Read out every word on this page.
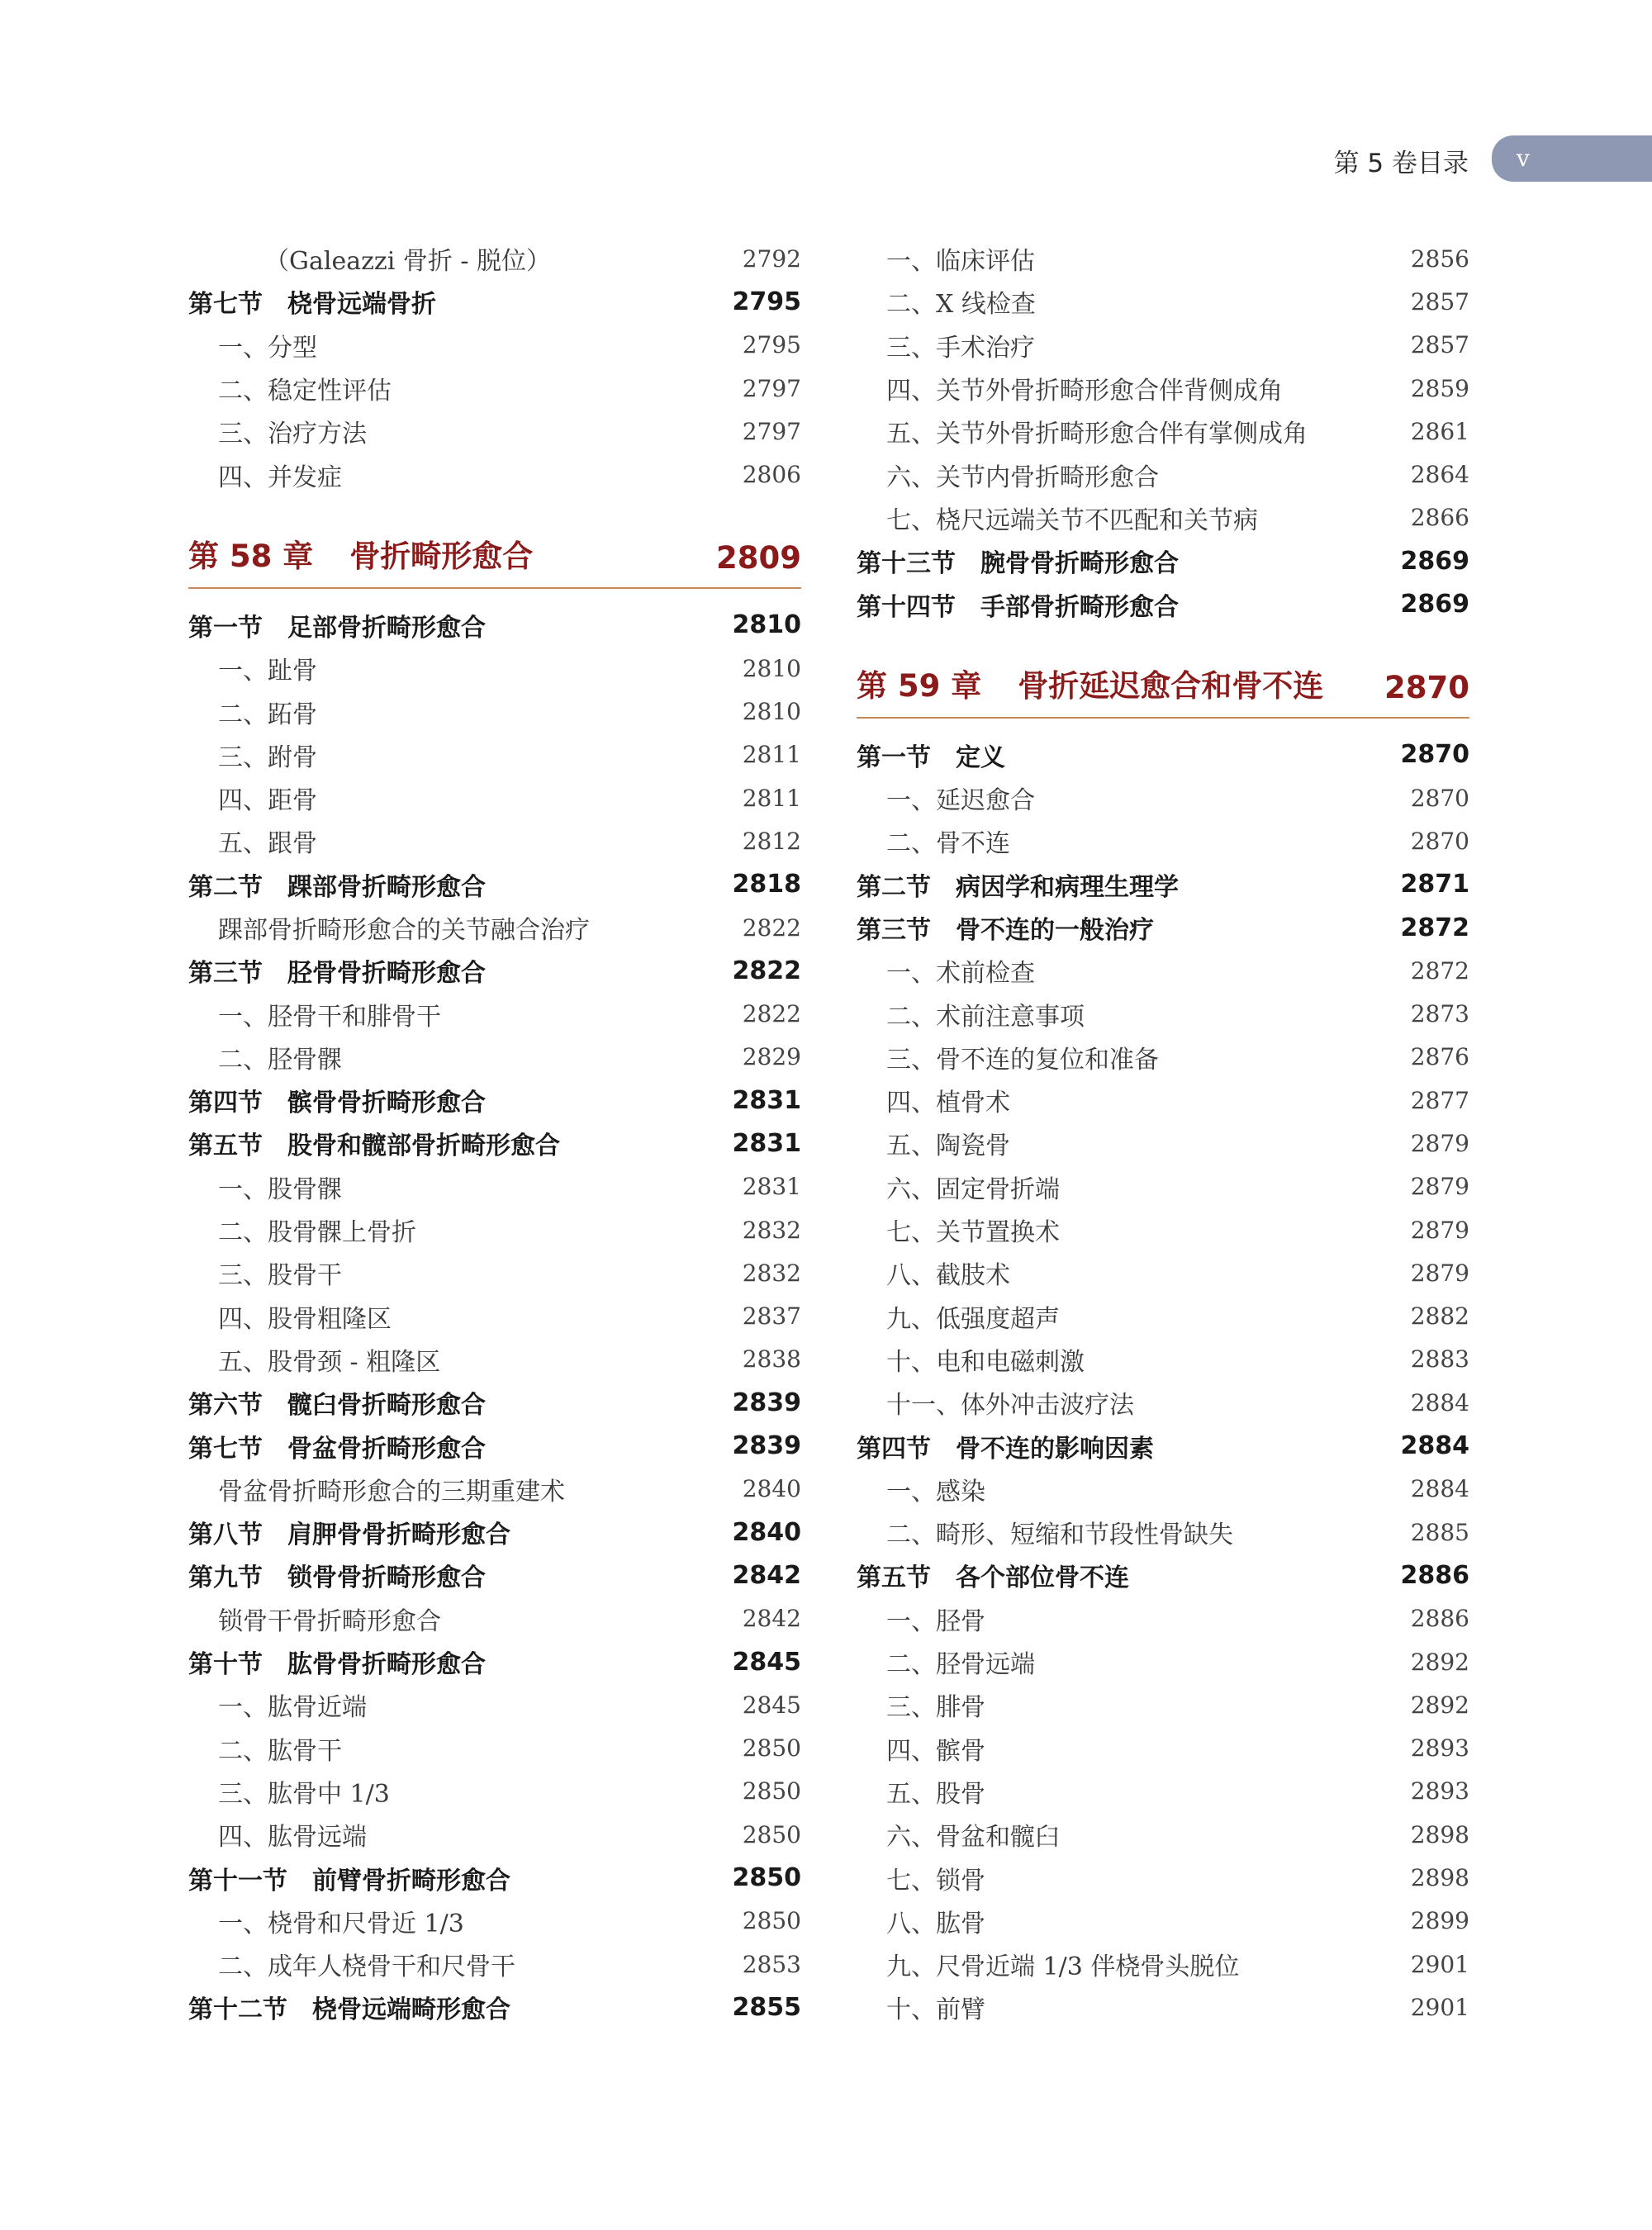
第 5 卷目录	v
（Galeazzi 骨折 - 脱位）	2792
第七节　桡骨远端骨折	2795
一、分型	2795
二、稳定性评估	2797
三、治疗方法	2797
四、并发症	2806
第 58 章 骨折畸形愈合	2809
第一节　足部骨折畸形愈合	2810
一、趾骨	2810
二、跖骨	2810
三、跗骨	2811
四、距骨	2811
五、跟骨	2812
第二节　踝部骨折畸形愈合	2818
踝部骨折畸形愈合的关节融合治疗	2822
第三节　胫骨骨折畸形愈合	2822
一、胫骨干和腓骨干	2822
二、胫骨髁	2829
第四节　髌骨骨折畸形愈合	2831
第五节　股骨和髋部骨折畸形愈合	2831
一、股骨髁	2831
二、股骨髁上骨折	2832
三、股骨干	2832
四、股骨粗隆区	2837
五、股骨颈 - 粗隆区	2838
第六节　髋臼骨折畸形愈合	2839
第七节　骨盆骨折畸形愈合	2839
骨盆骨折畸形愈合的三期重建术	2840
第八节　肩胛骨骨折畸形愈合	2840
第九节　锁骨骨折畸形愈合	2842
锁骨干骨折畸形愈合	2842
第十节　肱骨骨折畸形愈合	2845
一、肱骨近端	2845
二、肱骨干	2850
三、肱骨中 1/3	2850
四、肱骨远端	2850
第十一节　前臂骨折畸形愈合	2850
一、桡骨和尺骨近 1/3	2850
二、成年人桡骨干和尺骨干	2853
第十二节　桡骨远端畸形愈合	2855
一、临床评估	2856
二、X 线检查	2857
三、手术治疗	2857
四、关节外骨折畸形愈合伴背侧成角	2859
五、关节外骨折畸形愈合伴有掌侧成角	2861
六、关节内骨折畸形愈合	2864
七、桡尺远端关节不匹配和关节病	2866
第十三节　腕骨骨折畸形愈合	2869
第十四节　手部骨折畸形愈合	2869
第 59 章 骨折延迟愈合和骨不连 2870
第一节　定义	2870
一、延迟愈合	2870
二、骨不连	2870
第二节　病因学和病理生理学	2871
第三节　骨不连的一般治疗	2872
一、术前检查	2872
二、术前注意事项	2873
三、骨不连的复位和准备	2876
四、植骨术	2877
五、陶瓷骨	2879
六、固定骨折端	2879
七、关节置换术	2879
八、截肢术	2879
九、低强度超声	2882
十、电和电磁刺激	2883
十一、体外冲击波疗法	2884
第四节　骨不连的影响因素	2884
一、感染	2884
二、畸形、短缩和节段性骨缺失	2885
第五节　各个部位骨不连	2886
一、胫骨	2886
二、胫骨远端	2892
三、腓骨	2892
四、髌骨	2893
五、股骨	2893
六、骨盆和髋臼	2898
七、锁骨	2898
八、肱骨	2899
九、尺骨近端 1/3 伴桡骨头脱位	2901
十、前臂	2901
